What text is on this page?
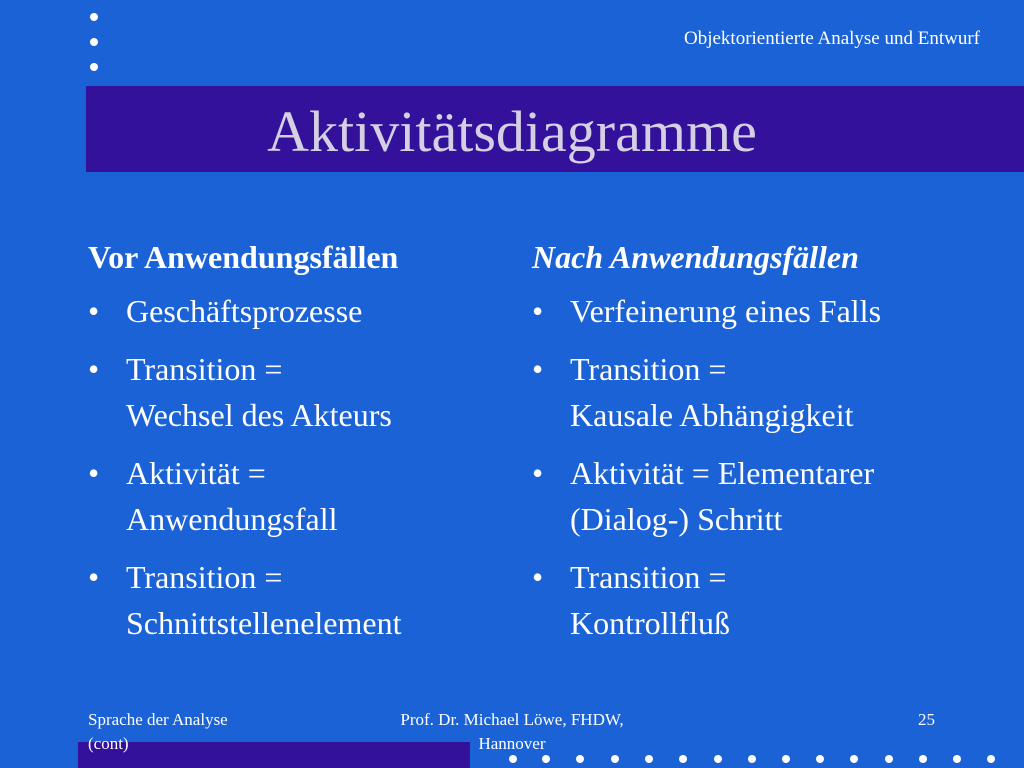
Objektorientierte Analyse und Entwurf
Aktivitätsdiagramme
Vor Anwendungsfällen
• Geschäftsprozesse
• Transition =
Wechsel des Akteurs
• Aktivität =
Anwendungsfall
• Transition =
Schnittstellenelement
Nach Anwendungsfällen
• Verfeinerung eines Falls
• Transition =
Kausale Abhängigkeit
• Aktivität = Elementarer
(Dialog-) Schritt
• Transition =
Kontrollfluß
Sprache der Analyse
(cont)
Prof. Dr. Michael Löwe, FHDW,
Hannover
25
